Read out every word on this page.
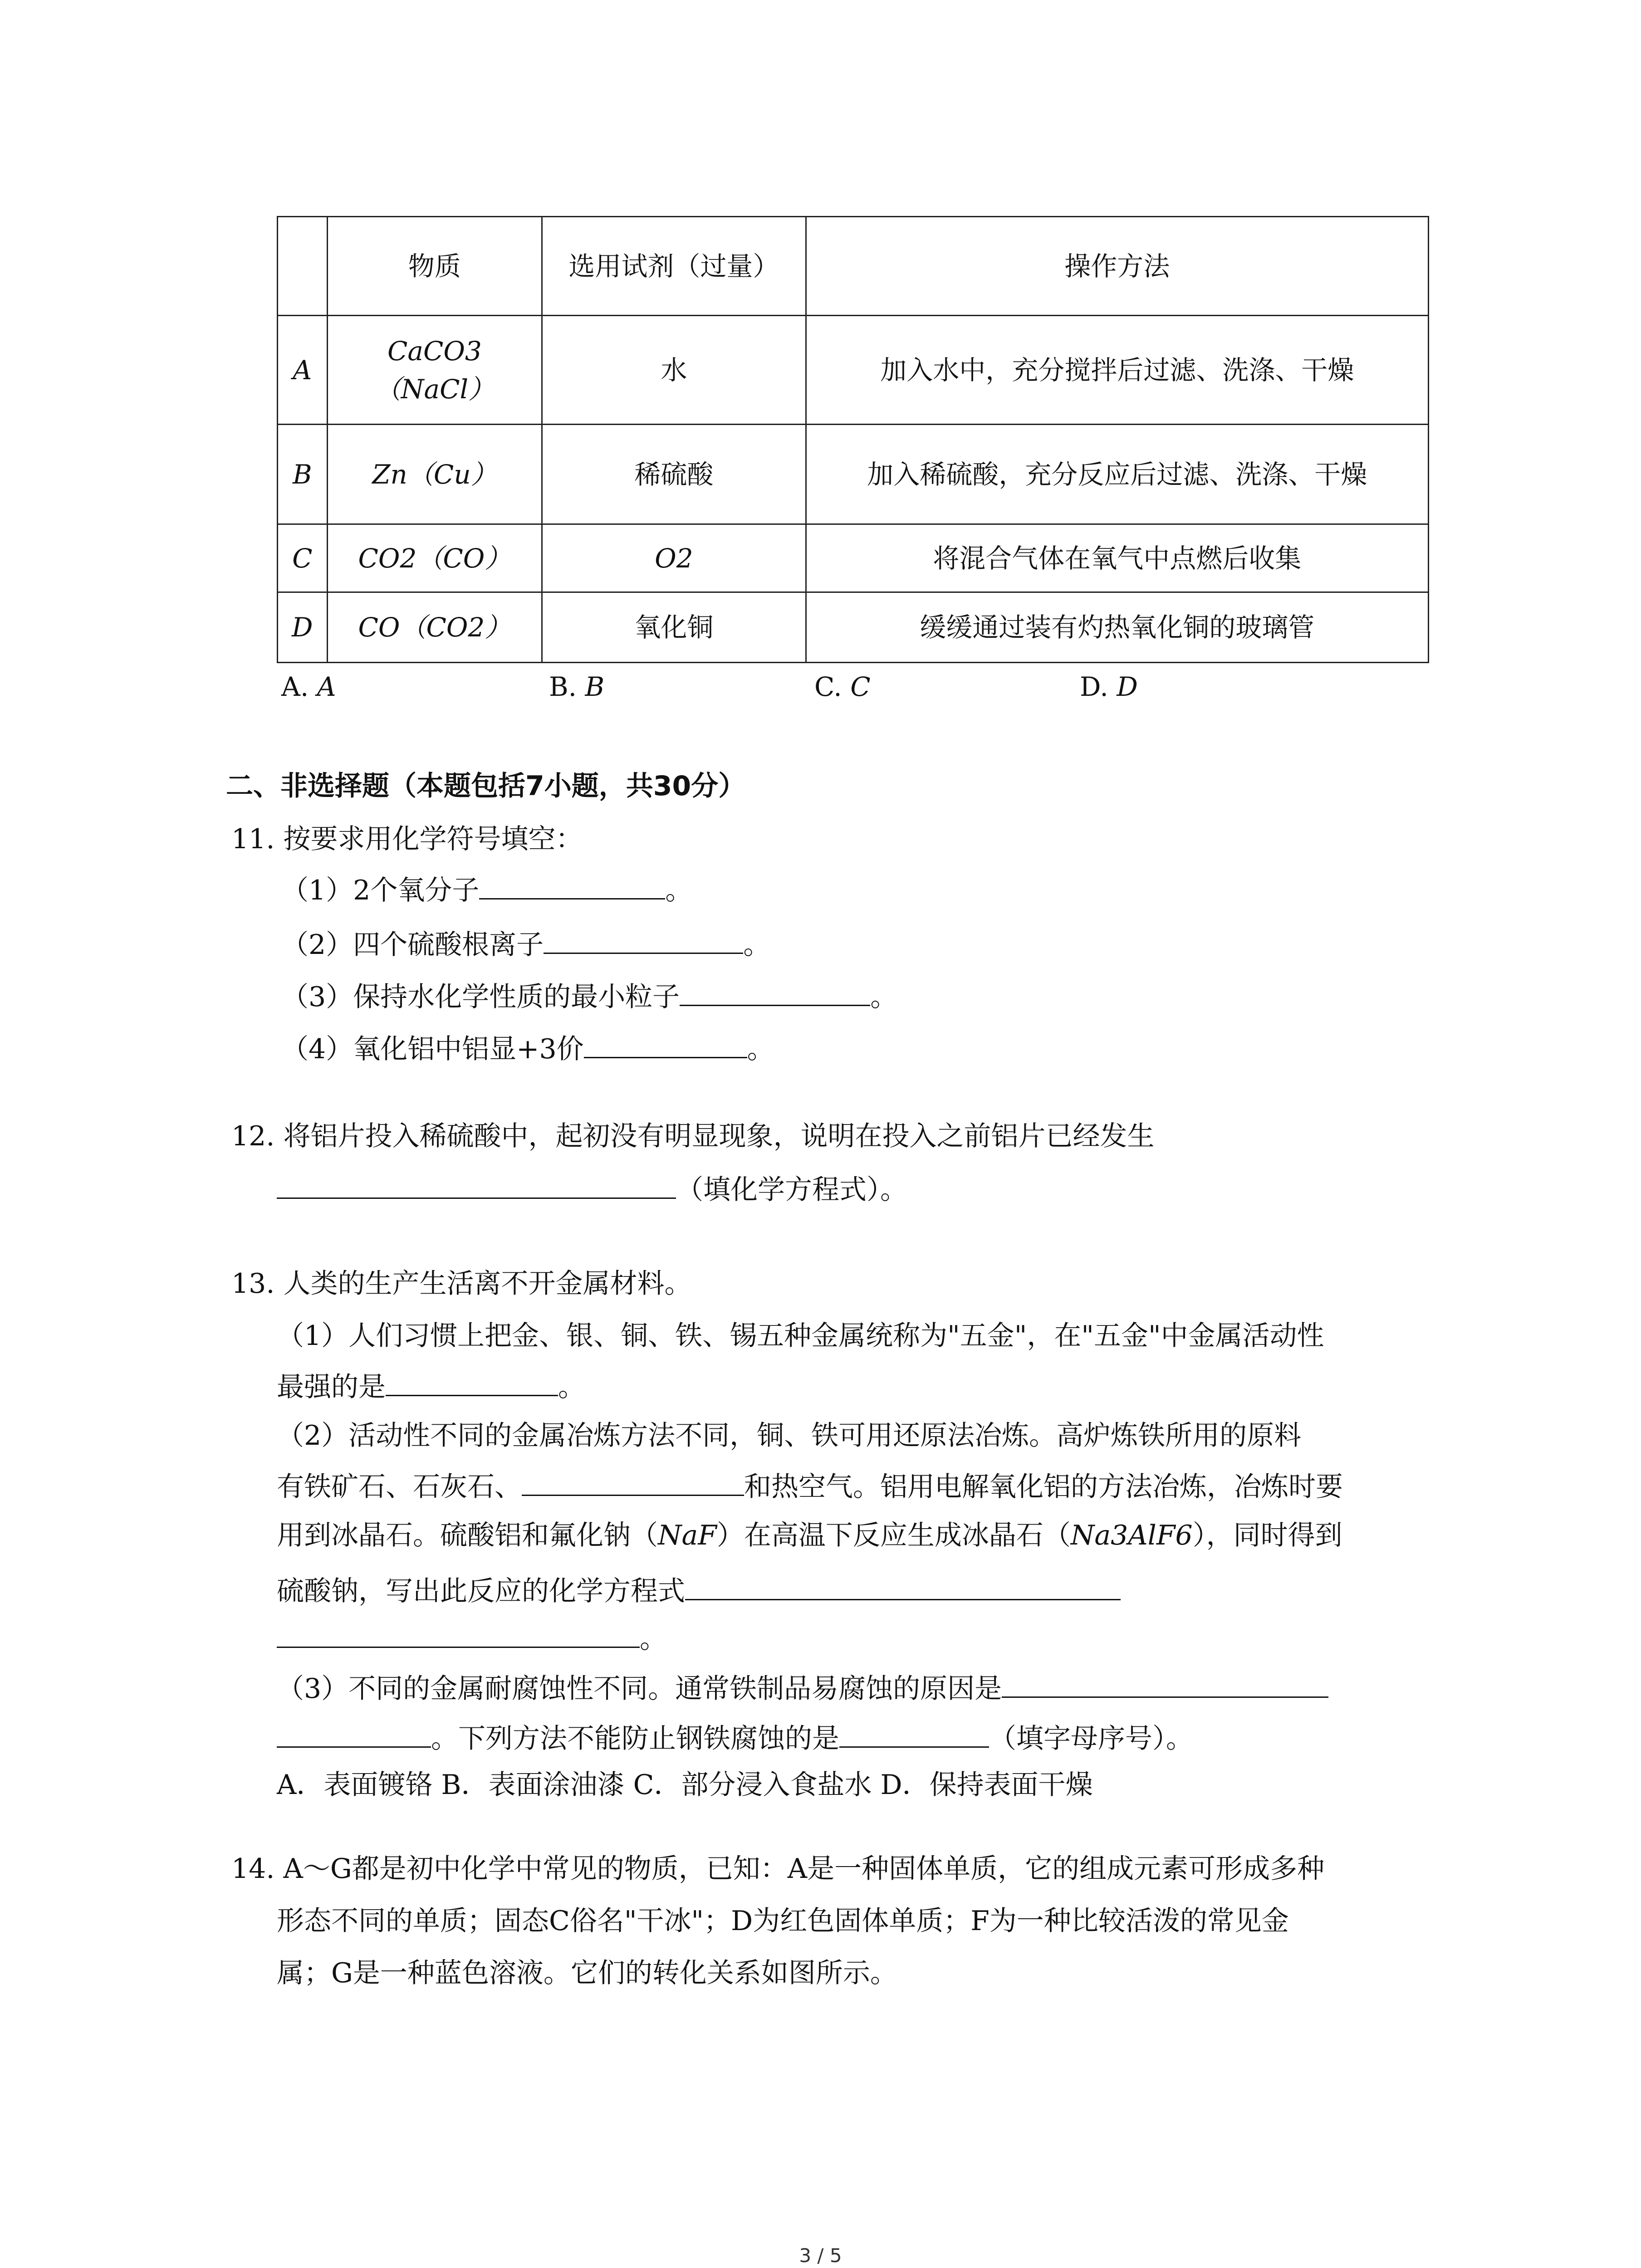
	物质	选用试剂（过量）	操作方法
A	CaCO3（NaCl）	水	加入水中，充分搅拌后过滤、洗涤、干燥
B	Zn（Cu）	稀硫酸	加入稀硫酸，充分反应后过滤、洗涤、干燥
C	CO2（CO）	O2	将混合气体在氧气中点燃后收集
D	CO（CO2）	氧化铜	缓缓通过装有灼热氧化铜的玻璃管
A. A	B. B	C. C	D. D
二、非选择题（本题包括7小题，共30分）
11. 按要求用化学符号填空：
（1）2个氧分子	。
（2）四个硫酸根离子	。
（3）保持水化学性质的最小粒子	。
（4）氧化铝中铝显+3价	。
12. 将铝片投入稀硫酸中，起初没有明显现象，说明在投入之前铝片已经发生
（填化学方程式）。
13. 人类的生产生活离不开金属材料。
（1）人们习惯上把金、银、铜、铁、锡五种金属统称为"五金"，在"五金"中金属活动性
最强的是	。
（2）活动性不同的金属冶炼方法不同，铜、铁可用还原法冶炼。高炉炼铁所用的原料
有铁矿石、石灰石、	和热空气。铝用电解氧化铝的方法冶炼，冶炼时要
用到冰晶石。硫酸铝和氟化钠（NaF）在高温下反应生成冰晶石（Na3AlF6），同时得到
硫酸钠，写出此反应的化学方程式
。
（3）不同的金属耐腐蚀性不同。通常铁制品易腐蚀的原因是
。下列方法不能防止钢铁腐蚀的是	（填字母序号）。
A．表面镀铬 B．表面涂油漆 C．部分浸入食盐水 D．保持表面干燥
14. A～G都是初中化学中常见的物质，已知：A是一种固体单质，它的组成元素可形成多种
形态不同的单质；固态C俗名"干冰"；D为红色固体单质；F为一种比较活泼的常见金
属；G是一种蓝色溶液。它们的转化关系如图所示。
3 / 5
